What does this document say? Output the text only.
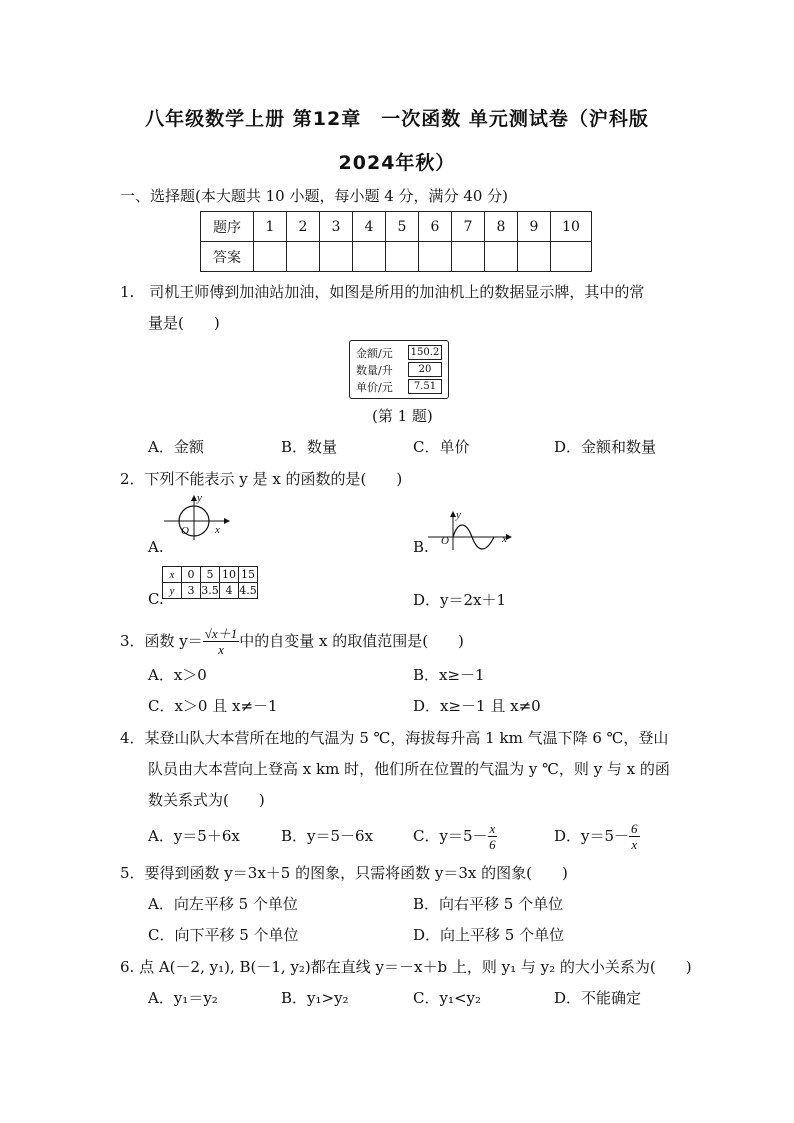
八年级数学上册 第12章　一次函数 单元测试卷（沪科版
2024年秋）
一、选择题(本大题共 10 小题，每小题 4 分，满分 40 分)
题序	1	2	3	4	5	6	7	8	9	10
答案										
1.　司机王师傅到加油站加油，如图是所用的加油机上的数据显示牌，其中的常
量是(　　)
金额/元	150.2
数量/升	20
单价/元	7.51
(第 1 题)
A．金额	B．数量	C．单价	D．金额和数量
2．下列不能表示 y 是 x 的函数的是(　　)
A.
y
x
O
B.
y
x
O
C.
x	0	5	10	15
y	3	3.5	4	4.5
D．y＝2x＋1
3．函数 $y= \frac{√x+1}{x}$ 中的自变量 x 的取值范围是(　　)
A．x＞0	B．x≥－1
C．x＞0 且 x≠－1	D．x≥－1 且 x≠0
4．某登山队大本营所在地的气温为 5 ℃，海拔每升高 1 km 气温下降 6 ℃，登山
队员由大本营向上登高 x km 时，他们所在位置的气温为 y ℃，则 y 与 x 的函
数关系式为(　　)
A．y＝5＋6x	B．y＝5－6x	C．$y=5- \frac{x}{6}$	D．$y=5- \frac{6}{x}$
5．要得到函数 y＝3x＋5 的图象，只需将函数 y＝3x 的图象(　　)
A．向左平移 5 个单位	B．向右平移 5 个单位
C．向下平移 5 个单位	D．向上平移 5 个单位
6. 点 A(－2, y₁), B(－1, y₂)都在直线 y＝－x＋b 上，则 y₁ 与 y₂ 的大小关系为(　　)
A．y₁＝y₂	B．y₁>y₂	C．y₁<y₂	D．不能确定
